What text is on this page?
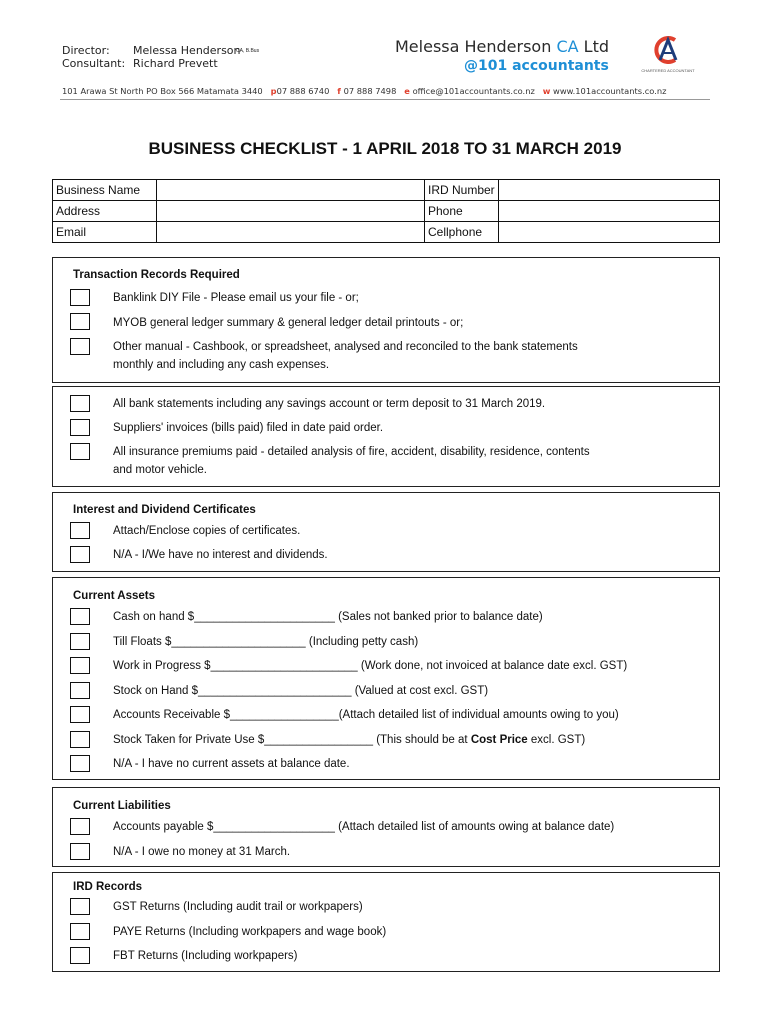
Director: Melessa Henderson
CA, B.Bus
Consultant: Richard Prevett
Melessa Henderson CA Ltd
@101 accountants	CHARTERED ACCOUNTANT
101 Arawa St North PO Box 566 Matamata 3440 p07 888 6740 f 07 888 7498 e office@101accountants.co.nz w www.101accountants.co.nz
BUSINESS CHECKLIST - 1 APRIL 2018 TO 31 MARCH 2019
Business Name		IRD Number	
Address		Phone	
Email		Cellphone	
Transaction Records Required
Banklink DIY File - Please email us your file - or;
MYOB general ledger summary & general ledger detail printouts - or;
Other manual - Cashbook, or spreadsheet, analysed and reconciled to the bank statements
monthly and including any cash expenses.
All bank statements including any savings account or term deposit to 31 March 2019.
Suppliers' invoices (bills paid) filed in date paid order.
All insurance premiums paid - detailed analysis of fire, accident, disability, residence, contents
and motor vehicle.
Interest and Dividend Certificates
Attach/Enclose copies of certificates.
N/A - I/We have no interest and dividends.
Current Assets
Cash on hand $______________________ (Sales not banked prior to balance date)
Till Floats $_____________________ (Including petty cash)
Work in Progress $_______________________ (Work done, not invoiced at balance date excl. GST)
Stock on Hand $________________________ (Valued at cost excl. GST)
Accounts Receivable $_________________(Attach detailed list of individual amounts owing to you)
Stock Taken for Private Use $_________________ (This should be at Cost Price excl. GST)
N/A - I have no current assets at balance date.
Current Liabilities
Accounts payable $___________________ (Attach detailed list of amounts owing at balance date)
N/A - I owe no money at 31 March.
IRD Records
GST Returns (Including audit trail or workpapers)
PAYE Returns (Including workpapers and wage book)
FBT Returns (Including workpapers)
